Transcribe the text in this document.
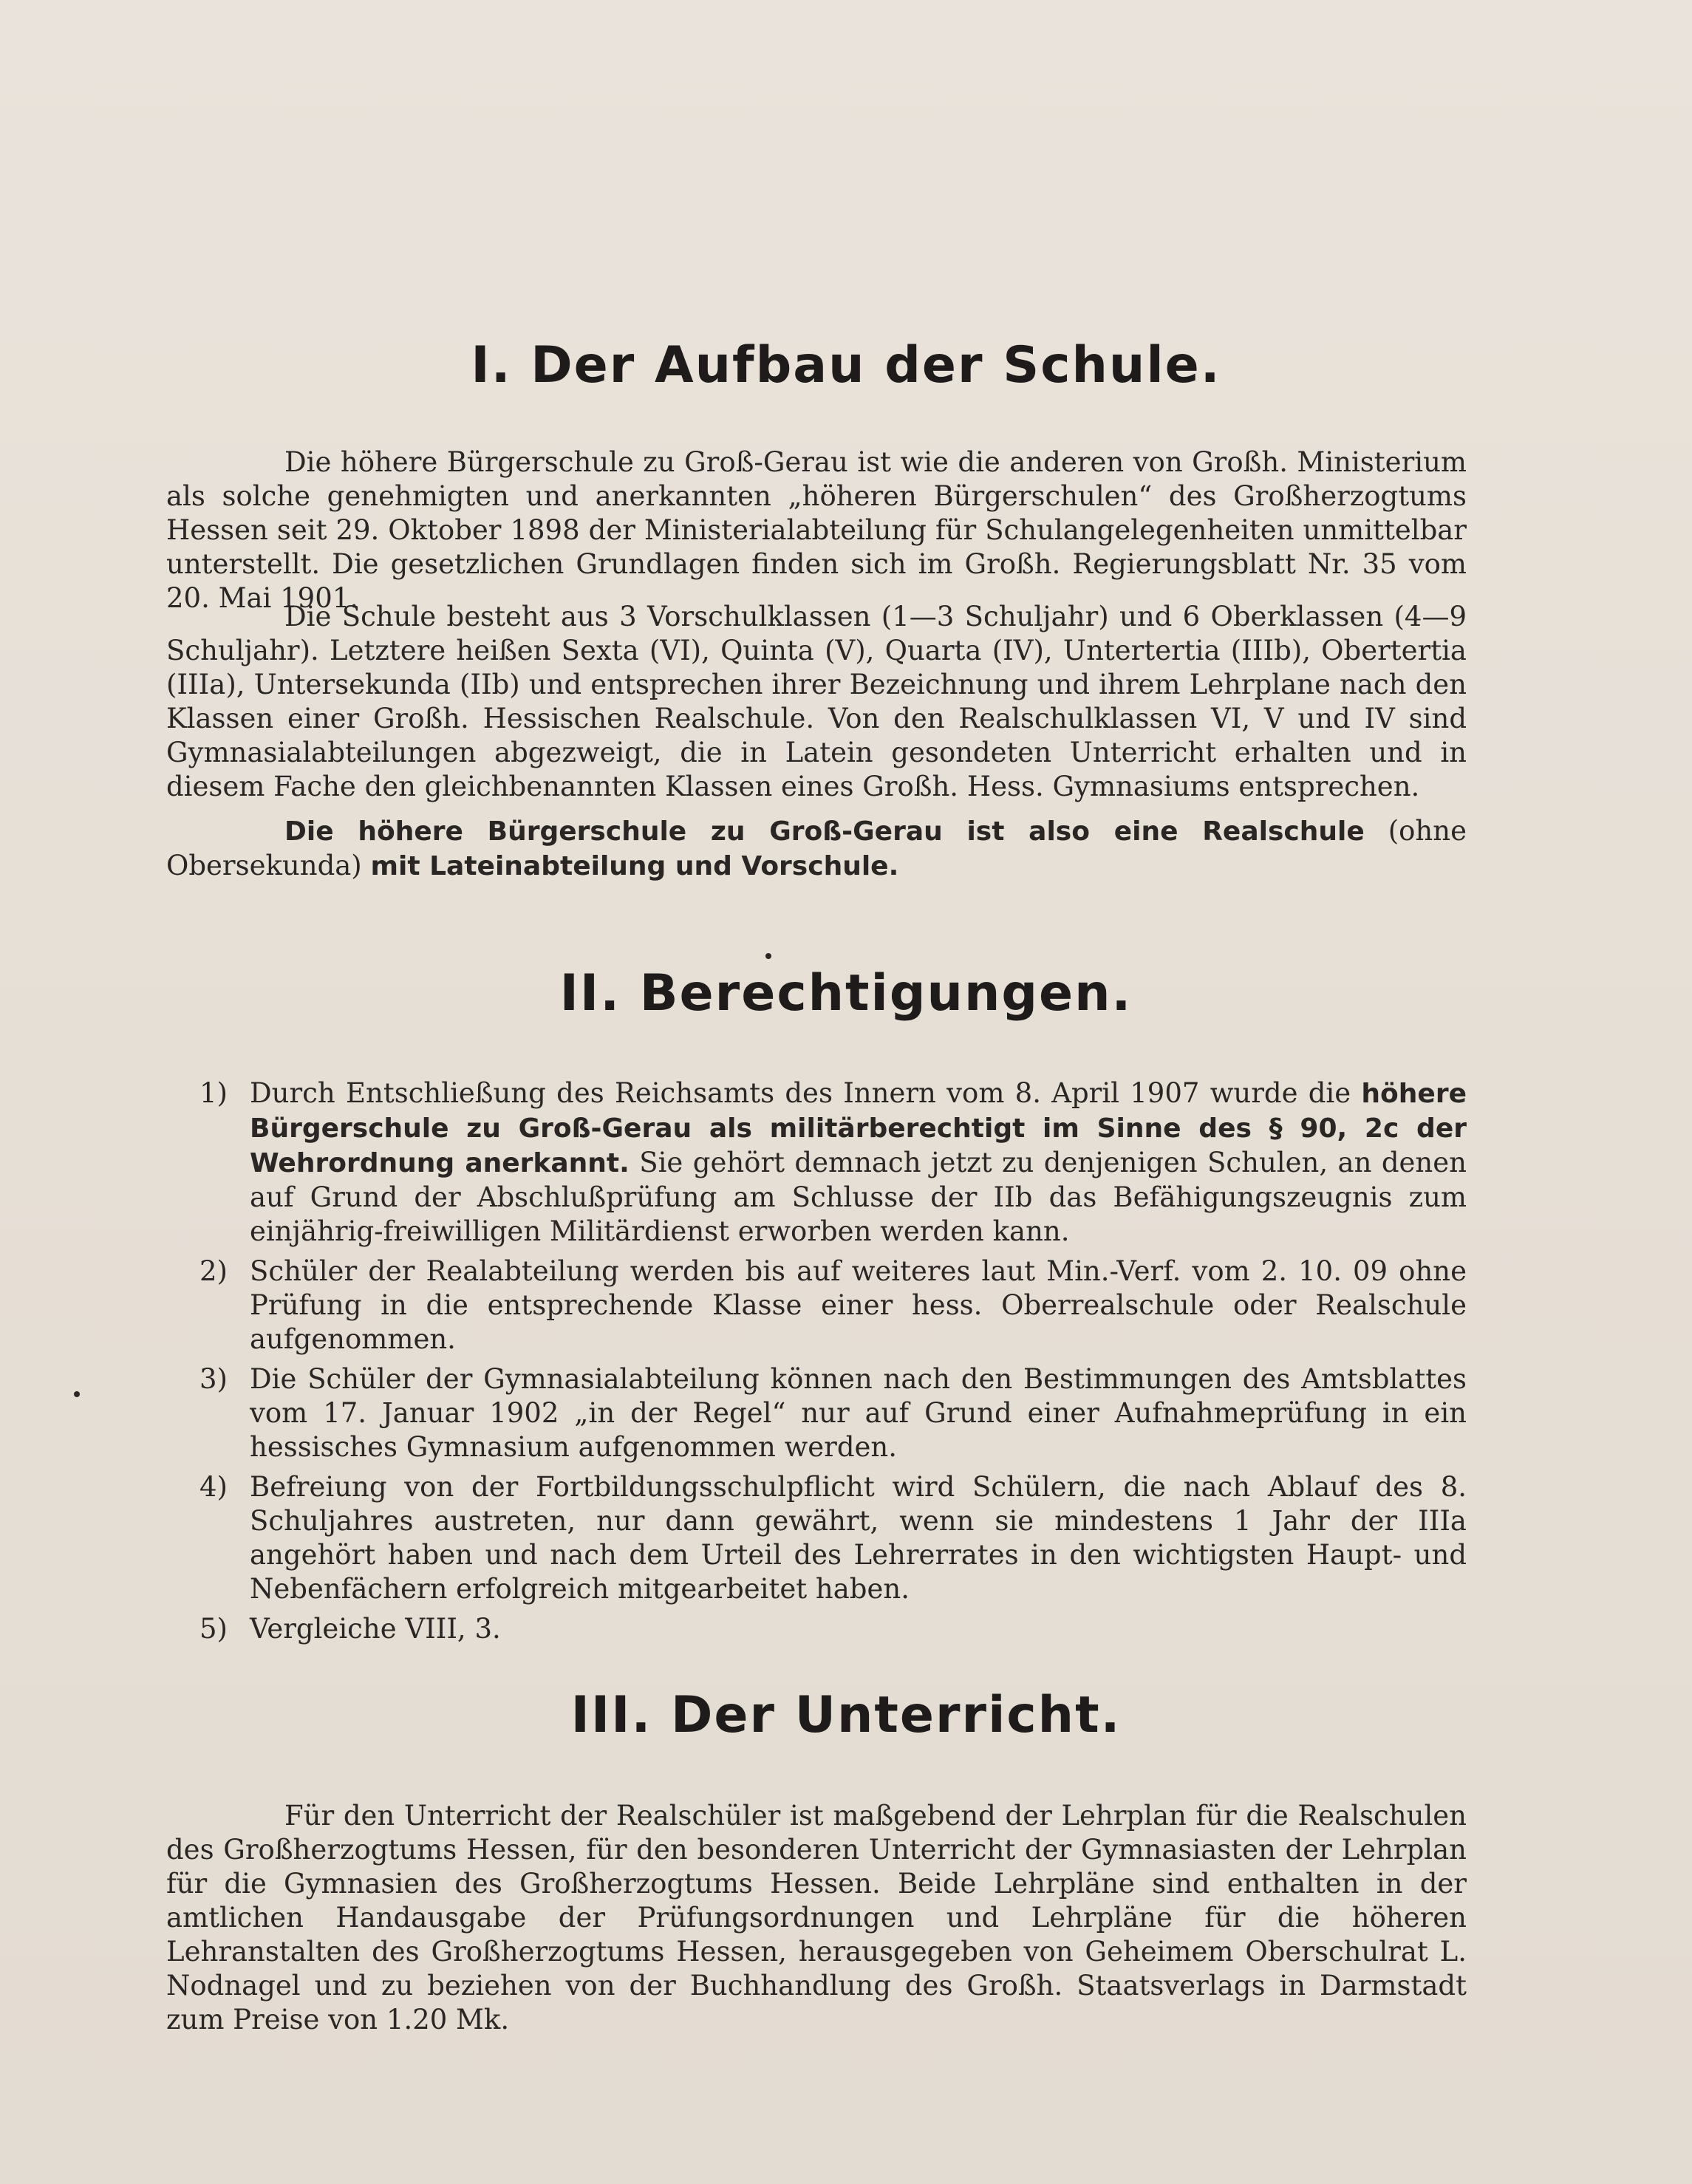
I. Der Aufbau der Schule.

Die höhere Bürgerschule zu Groß-Gerau ist wie die anderen von Großh. Ministerium als solche genehmigten und anerkannten „höheren Bürgerschulen“ des Großherzogtums Hessen seit 29. Oktober 1898 der Ministerialabteilung für Schulangelegenheiten unmittelbar unterstellt. Die gesetzlichen Grundlagen finden sich im Großh. Regierungsblatt Nr. 35 vom 20. Mai 1901.

Die Schule besteht aus 3 Vorschulklassen (1—3 Schuljahr) und 6 Oberklassen (4—9 Schuljahr). Letztere heißen Sexta (VI), Quinta (V), Quarta (IV), Untertertia (IIIb), Obertertia (IIIa), Untersekunda (IIb) und entsprechen ihrer Bezeichnung und ihrem Lehrplane nach den Klassen einer Großh. Hessischen Realschule. Von den Realschulklassen VI, V und IV sind Gymnasialabteilungen abgezweigt, die in Latein gesondeten Unterricht erhalten und in diesem Fache den gleichbenannten Klassen eines Großh. Hess. Gymnasiums entsprechen.

Die höhere Bürgerschule zu Groß-Gerau ist also eine Realschule (ohne Obersekunda) mit Lateinabteilung und Vorschule.

II. Berechtigungen.
1) Durch Entschließung des Reichsamts des Innern vom 8. April 1907 wurde die höhere Bürgerschule zu Groß-Gerau als militärberechtigt im Sinne des § 90, 2c der Wehrordnung anerkannt. Sie gehört demnach jetzt zu denjenigen Schulen, an denen auf Grund der Abschlußprüfung am Schlusse der IIb das Befähigungszeugnis zum einjährig-freiwilligen Militärdienst erworben werden kann.
2) Schüler der Realabteilung werden bis auf weiteres laut Min.-Verf. vom 2. 10. 09 ohne Prüfung in die entsprechende Klasse einer hess. Oberrealschule oder Realschule aufgenommen.
3) Die Schüler der Gymnasialabteilung können nach den Bestimmungen des Amtsblattes vom 17. Januar 1902 „in der Regel“ nur auf Grund einer Aufnahmeprüfung in ein hessisches Gymnasium aufgenommen werden.
4) Befreiung von der Fortbildungsschulpflicht wird Schülern, die nach Ablauf des 8. Schuljahres austreten, nur dann gewährt, wenn sie mindestens 1 Jahr der IIIa angehört haben und nach dem Urteil des Lehrerrates in den wichtigsten Haupt- und Nebenfächern erfolgreich mitgearbeitet haben.
5) Vergleiche VIII, 3.
III. Der Unterricht.

Für den Unterricht der Realschüler ist maßgebend der Lehrplan für die Realschulen des Großherzogtums Hessen, für den besonderen Unterricht der Gymnasiasten der Lehrplan für die Gymnasien des Großherzogtums Hessen. Beide Lehrpläne sind enthalten in der amtlichen Handausgabe der Prüfungsordnungen und Lehrpläne für die höheren Lehranstalten des Großherzogtums Hessen, herausgegeben von Geheimem Oberschulrat L. Nodnagel und zu beziehen von der Buchhandlung des Großh. Staatsverlags in Darmstadt zum Preise von 1.20 Mk.
